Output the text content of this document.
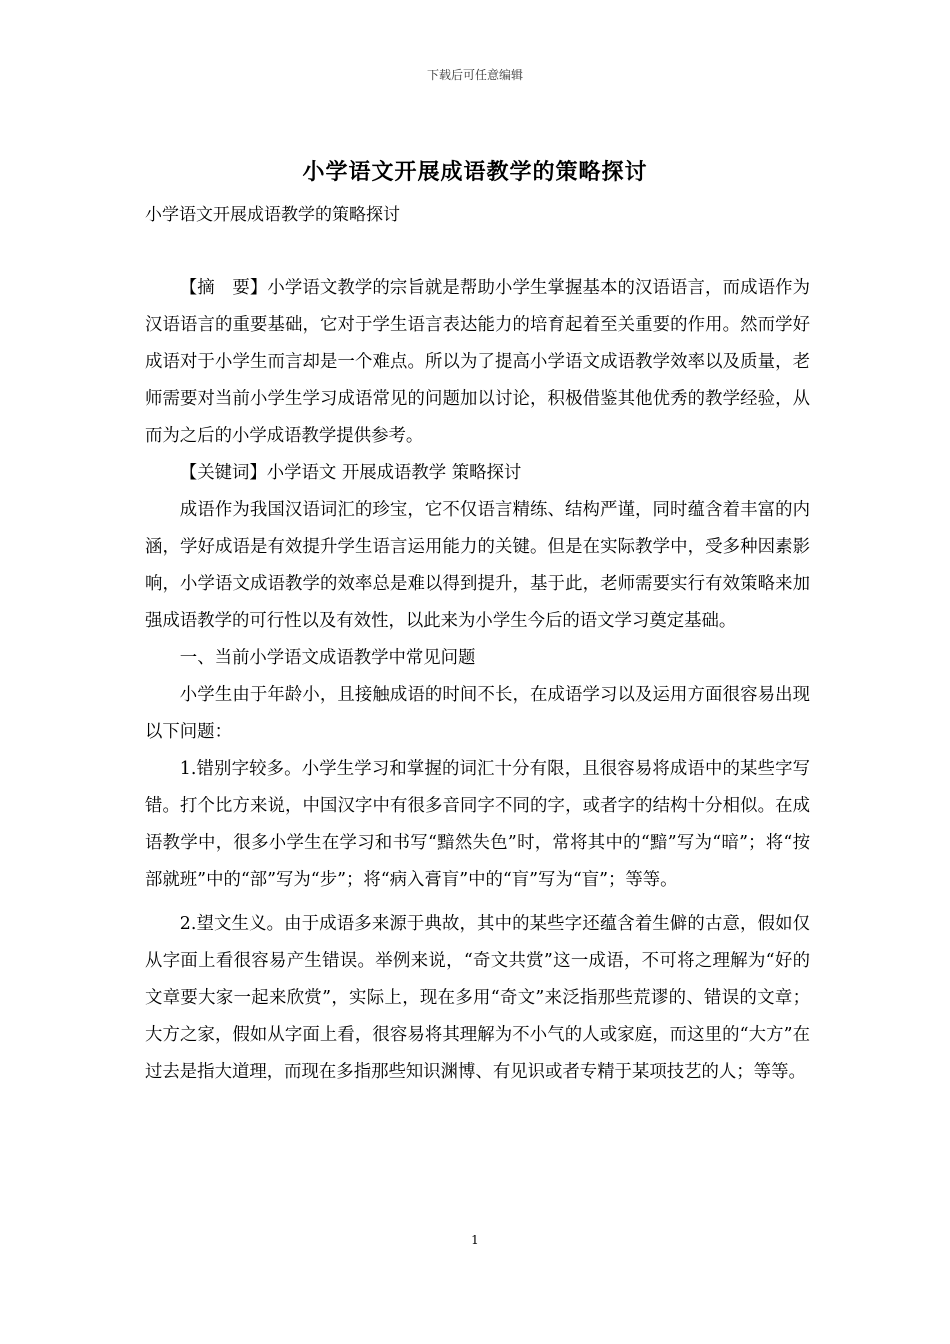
下载后可任意编辑
小学语文开展成语教学的策略探讨
小学语文开展成语教学的策略探讨

【摘　要】小学语文教学的宗旨就是帮助小学生掌握基本的汉语语言，而成语作为汉语语言的重要基础，它对于学生语言表达能力的培育起着至关重要的作用。然而学好成语对于小学生而言却是一个难点。所以为了提高小学语文成语教学效率以及质量，老师需要对当前小学生学习成语常见的问题加以讨论，积极借鉴其他优秀的教学经验，从而为之后的小学成语教学提供参考。

【关键词】小学语文 开展成语教学 策略探讨

成语作为我国汉语词汇的珍宝，它不仅语言精练、结构严谨，同时蕴含着丰富的内涵，学好成语是有效提升学生语言运用能力的关键。但是在实际教学中，受多种因素影响，小学语文成语教学的效率总是难以得到提升，基于此，老师需要实行有效策略来加强成语教学的可行性以及有效性，以此来为小学生今后的语文学习奠定基础。

一、当前小学语文成语教学中常见问题

小学生由于年龄小，且接触成语的时间不长，在成语学习以及运用方面很容易出现以下问题：

1.错别字较多。小学生学习和掌握的词汇十分有限，且很容易将成语中的某些字写错。打个比方来说，中国汉字中有很多音同字不同的字，或者字的结构十分相似。在成语教学中，很多小学生在学习和书写“黯然失色”时，常将其中的“黯”写为“暗”；将“按部就班”中的“部”写为“步”；将“病入膏肓”中的“肓”写为“盲”；等等。

2.望文生义。由于成语多来源于典故，其中的某些字还蕴含着生僻的古意，假如仅从字面上看很容易产生错误。举例来说，“奇文共赏”这一成语，不可将之理解为“好的文章要大家一起来欣赏”，实际上，现在多用“奇文”来泛指那些荒谬的、错误的文章；大方之家，假如从字面上看，很容易将其理解为不小气的人或家庭，而这里的“大方”在过去是指大道理，而现在多指那些知识渊博、有见识或者专精于某项技艺的人；等等。

1
